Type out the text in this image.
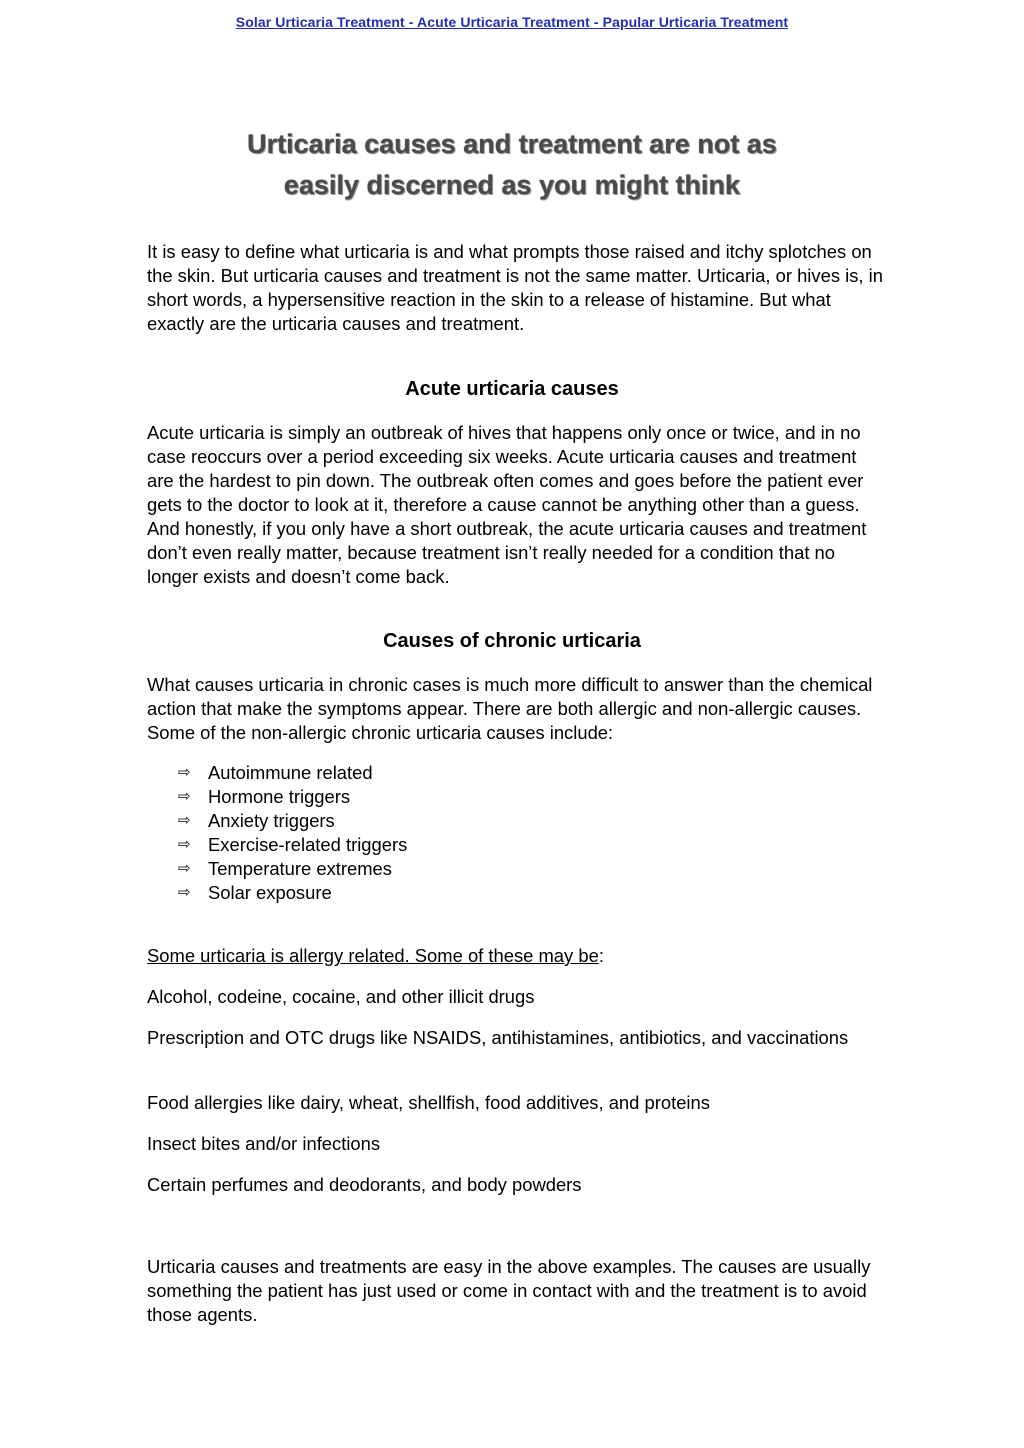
Solar Urticaria Treatment - Acute Urticaria Treatment - Papular Urticaria Treatment
Urticaria causes and treatment are not as
easily discerned as you might think

It is easy to define what urticaria is and what prompts those raised and itchy splotches on the skin. But urticaria causes and treatment is not the same matter. Urticaria, or hives is, in short words, a hypersensitive reaction in the skin to a release of histamine. But what exactly are the urticaria causes and treatment.

Acute urticaria causes

Acute urticaria is simply an outbreak of hives that happens only once or twice, and in no case reoccurs over a period exceeding six weeks. Acute urticaria causes and treatment are the hardest to pin down. The outbreak often comes and goes before the patient ever gets to the doctor to look at it, therefore a cause cannot be anything other than a guess. And honestly, if you only have a short outbreak, the acute urticaria causes and treatment don’t even really matter, because treatment isn’t really needed for a condition that no longer exists and doesn’t come back.

Causes of chronic urticaria

What causes urticaria in chronic cases is much more difficult to answer than the chemical action that make the symptoms appear. There are both allergic and non-allergic causes. Some of the non-allergic chronic urticaria causes include:

⇨ Autoimmune related
⇨ Hormone triggers
⇨ Anxiety triggers
⇨ Exercise-related triggers
⇨ Temperature extremes
⇨ Solar exposure

Some urticaria is allergy related. Some of these may be:

Alcohol, codeine, cocaine, and other illicit drugs

Prescription and OTC drugs like NSAIDS, antihistamines, antibiotics, and vaccinations

Food allergies like dairy, wheat, shellfish, food additives, and proteins

Insect bites and/or infections

Certain perfumes and deodorants, and body powders

Urticaria causes and treatments are easy in the above examples. The causes are usually something the patient has just used or come in contact with and the treatment is to avoid those agents.
